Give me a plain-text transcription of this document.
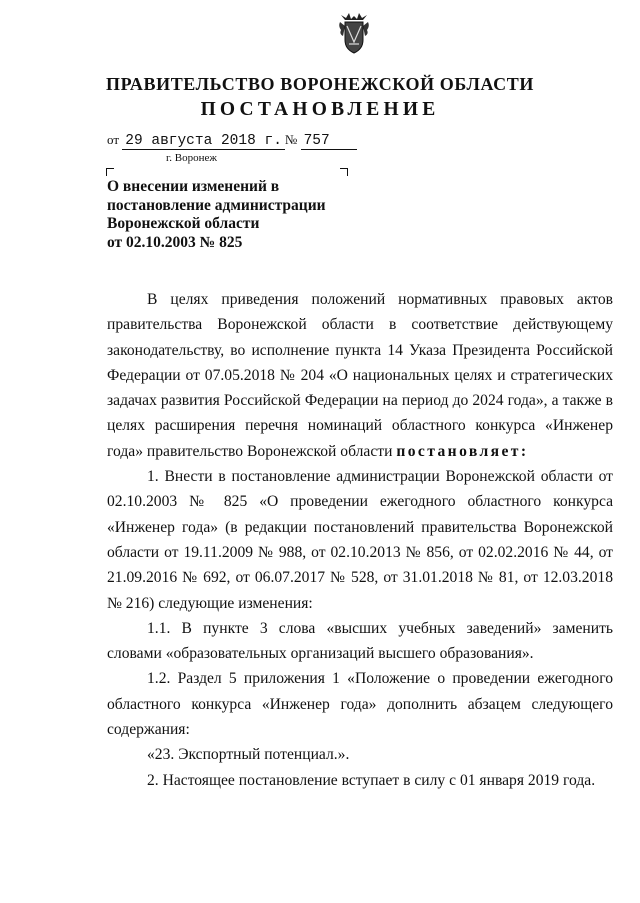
ПРАВИТЕЛЬСТВО ВОРОНЕЖСКОЙ ОБЛАСТИ
ПОСТАНОВЛЕНИЕ
от 29 августа 2018 г. № 757
г. Воронеж
О внесении изменений в
постановление администрации
Воронежской области
от 02.10.2003 № 825

В целях приведения положений нормативных правовых актов правительства Воронежской области в соответствие действующему законодательству, во исполнение пункта 14 Указа Президента Российской Федерации от 07.05.2018 № 204 «О национальных целях и стратегических задачах развития Российской Федерации на период до 2024 года», а также в целях расширения перечня номинаций областного конкурса «Инженер года» правительство Воронежской области постановляет:

1. Внести в постановление администрации Воронежской области от 02.10.2003 № 825 «О проведении ежегодного областного конкурса «Инженер года» (в редакции постановлений правительства Воронежской области от 19.11.2009 № 988, от 02.10.2013 № 856, от 02.02.2016 № 44, от 21.09.2016 № 692, от 06.07.2017 № 528, от 31.01.2018 № 81, от 12.03.2018 № 216) следующие изменения:

1.1. В пункте 3 слова «высших учебных заведений» заменить словами «образовательных организаций высшего образования».

1.2. Раздел 5 приложения 1 «Положение о проведении ежегодного областного конкурса «Инженер года» дополнить абзацем следующего содержания:

«23. Экспортный потенциал.».

2. Настоящее постановление вступает в силу с 01 января 2019 года.
